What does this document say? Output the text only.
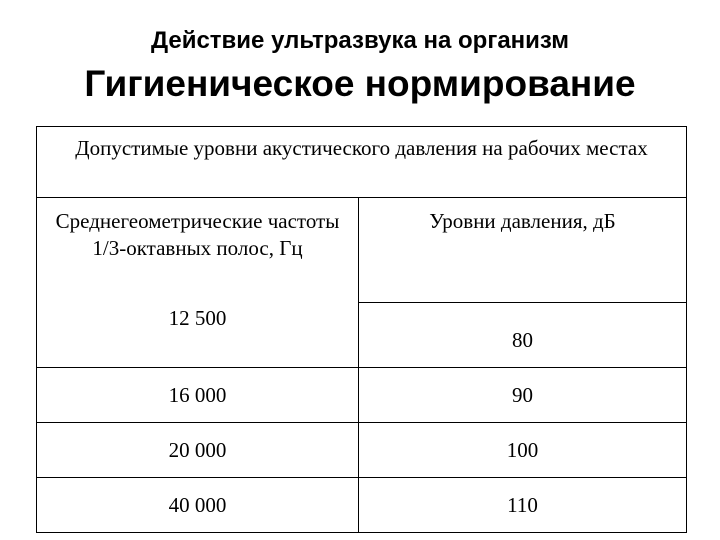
Действие ультразвука на организм
Гигиеническое нормирование
Допустимые уровни акустического давления на рабочих местах	
Среднегеометрические частоты 1/3-октавных полос, Гц	Уровни давления, дБ
12 500	80
16 000	90
20 000	100
40 000	110
